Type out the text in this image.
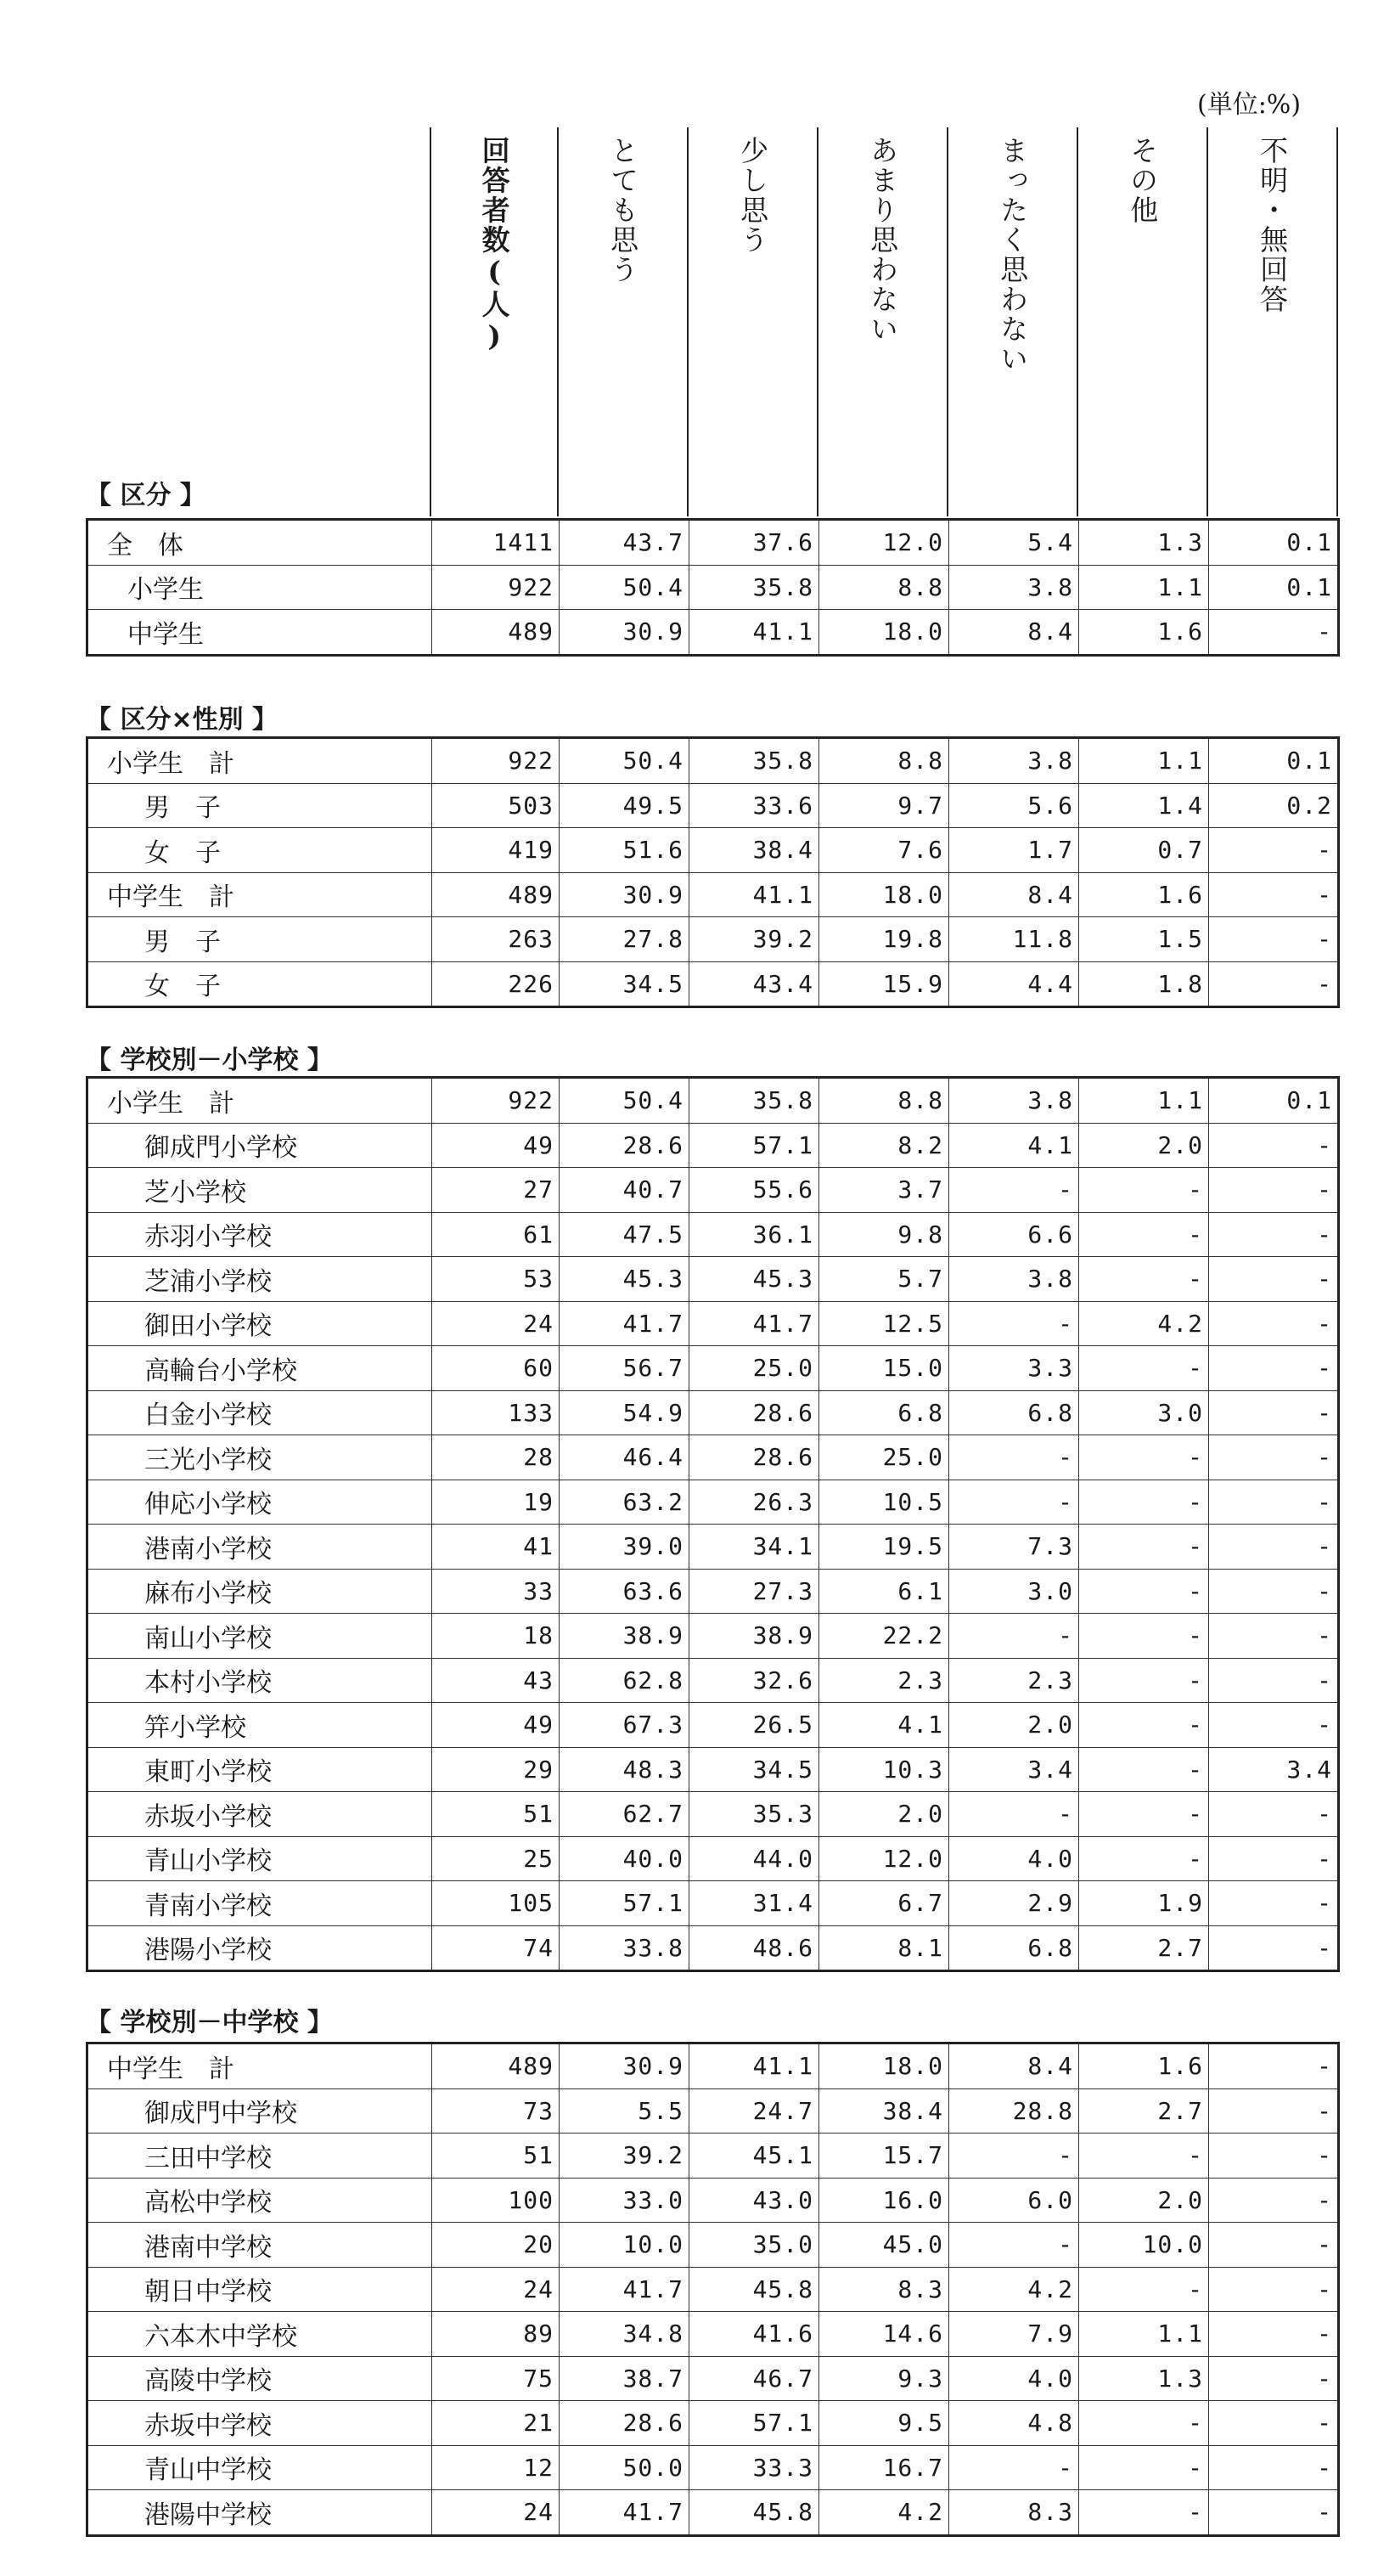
(単位:%)
【 区分 】	
回答者数(人)	とても思う	少し思う	あまり思わない	まったく思わない	その他	不明・無回答
全　体	1411	43.7	37.6	12.0	5.4	1.3	0.1
小学生	922	50.4	35.8	8.8	3.8	1.1	0.1
中学生	489	30.9	41.1	18.0	8.4	1.6	-
【 区分×性別 】
小学生　計	922	50.4	35.8	8.8	3.8	1.1	0.1
男　子	503	49.5	33.6	9.7	5.6	1.4	0.2
女　子	419	51.6	38.4	7.6	1.7	0.7	-
中学生　計	489	30.9	41.1	18.0	8.4	1.6	-
男　子	263	27.8	39.2	19.8	11.8	1.5	-
女　子	226	34.5	43.4	15.9	4.4	1.8	-
【 学校別－小学校 】
小学生　計	922	50.4	35.8	8.8	3.8	1.1	0.1
御成門小学校	49	28.6	57.1	8.2	4.1	2.0	-
芝小学校	27	40.7	55.6	3.7	-	-	-
赤羽小学校	61	47.5	36.1	9.8	6.6	-	-
芝浦小学校	53	45.3	45.3	5.7	3.8	-	-
御田小学校	24	41.7	41.7	12.5	-	4.2	-
高輪台小学校	60	56.7	25.0	15.0	3.3	-	-
白金小学校	133	54.9	28.6	6.8	6.8	3.0	-
三光小学校	28	46.4	28.6	25.0	-	-	-
伸応小学校	19	63.2	26.3	10.5	-	-	-
港南小学校	41	39.0	34.1	19.5	7.3	-	-
麻布小学校	33	63.6	27.3	6.1	3.0	-	-
南山小学校	18	38.9	38.9	22.2	-	-	-
本村小学校	43	62.8	32.6	2.3	2.3	-	-
笄小学校	49	67.3	26.5	4.1	2.0	-	-
東町小学校	29	48.3	34.5	10.3	3.4	-	3.4
赤坂小学校	51	62.7	35.3	2.0	-	-	-
青山小学校	25	40.0	44.0	12.0	4.0	-	-
青南小学校	105	57.1	31.4	6.7	2.9	1.9	-
港陽小学校	74	33.8	48.6	8.1	6.8	2.7	-
【 学校別－中学校 】
中学生　計	489	30.9	41.1	18.0	8.4	1.6	-
御成門中学校	73	5.5	24.7	38.4	28.8	2.7	-
三田中学校	51	39.2	45.1	15.7	-	-	-
高松中学校	100	33.0	43.0	16.0	6.0	2.0	-
港南中学校	20	10.0	35.0	45.0	-	10.0	-
朝日中学校	24	41.7	45.8	8.3	4.2	-	-
六本木中学校	89	34.8	41.6	14.6	7.9	1.1	-
高陵中学校	75	38.7	46.7	9.3	4.0	1.3	-
赤坂中学校	21	28.6	57.1	9.5	4.8	-	-
青山中学校	12	50.0	33.3	16.7	-	-	-
港陽中学校	24	41.7	45.8	4.2	8.3	-	-
